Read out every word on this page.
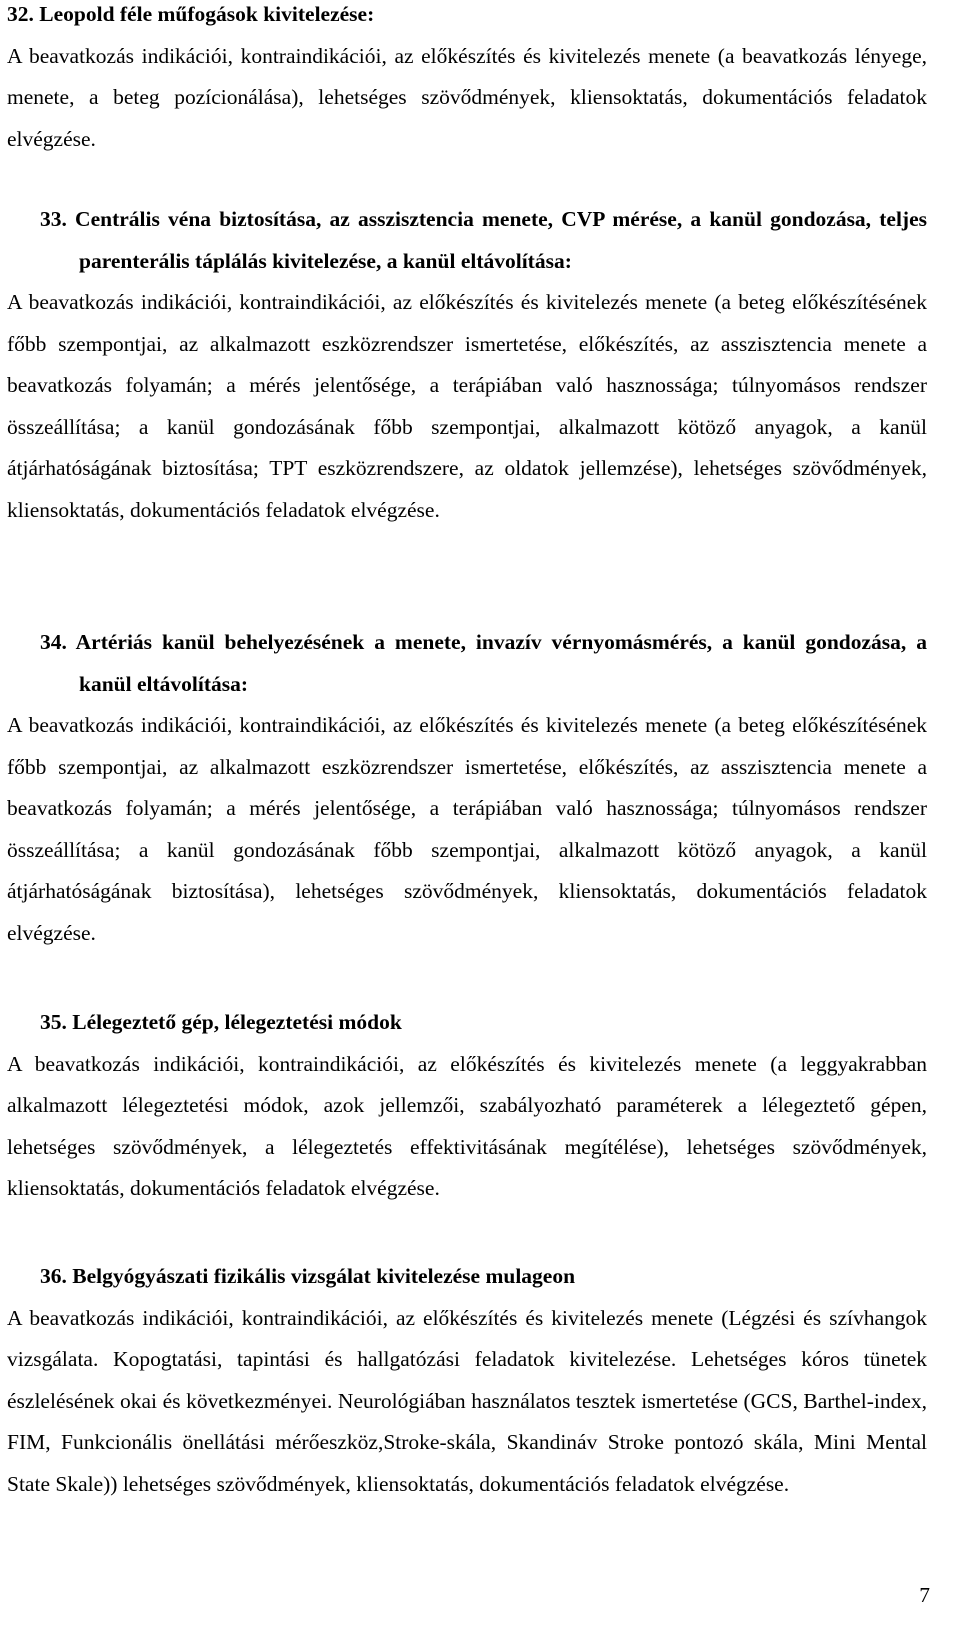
32. Leopold féle műfogások kivitelezése:
A beavatkozás indikációi, kontraindikációi, az előkészítés és kivitelezés menete (a beavatkozás lényege, menete, a beteg pozícionálása), lehetséges szövődmények, kliensoktatás, dokumentációs feladatok elvégzése.
33. Centrális véna biztosítása, az asszisztencia menete, CVP mérése, a kanül gondozása, teljes parenterális táplálás kivitelezése, a kanül eltávolítása:
A beavatkozás indikációi, kontraindikációi, az előkészítés és kivitelezés menete (a beteg előkészítésének főbb szempontjai, az alkalmazott eszközrendszer ismertetése, előkészítés, az asszisztencia menete a beavatkozás folyamán; a mérés jelentősége, a terápiában való hasznossága; túlnyomásos rendszer összeállítása; a kanül gondozásának főbb szempontjai, alkalmazott kötöző anyagok, a kanül átjárhatóságának biztosítása; TPT eszközrendszere, az oldatok jellemzése), lehetséges szövődmények, kliensoktatás, dokumentációs feladatok elvégzése.
34. Artériás kanül behelyezésének a menete, invazív vérnyomásmérés, a kanül gondozása, a kanül eltávolítása:
A beavatkozás indikációi, kontraindikációi, az előkészítés és kivitelezés menete (a beteg előkészítésének főbb szempontjai, az alkalmazott eszközrendszer ismertetése, előkészítés, az asszisztencia menete a beavatkozás folyamán; a mérés jelentősége, a terápiában való hasznossága; túlnyomásos rendszer összeállítása; a kanül gondozásának főbb szempontjai, alkalmazott kötöző anyagok, a kanül átjárhatóságának biztosítása), lehetséges szövődmények, kliensoktatás, dokumentációs feladatok elvégzése.
35. Lélegeztető gép, lélegeztetési módok
A beavatkozás indikációi, kontraindikációi, az előkészítés és kivitelezés menete (a leggyakrabban alkalmazott lélegeztetési módok, azok jellemzői, szabályozható paraméterek a lélegeztető gépen, lehetséges szövődmények, a lélegeztetés effektivitásának megítélése), lehetséges szövődmények, kliensoktatás, dokumentációs feladatok elvégzése.
36. Belgyógyászati fizikális vizsgálat kivitelezése mulageon
A beavatkozás indikációi, kontraindikációi, az előkészítés és kivitelezés menete (Légzési és szívhangok vizsgálata. Kopogtatási, tapintási és hallgatózási feladatok kivitelezése. Lehetséges kóros tünetek észlelésének okai és következményei. Neurológiában használatos tesztek ismertetése (GCS, Barthel-index, FIM, Funkcionális önellátási mérőeszköz,Stroke-skála, Skandináv Stroke pontozó skála, Mini Mental State Skale)) lehetséges szövődmények, kliensoktatás, dokumentációs feladatok elvégzése.
7
